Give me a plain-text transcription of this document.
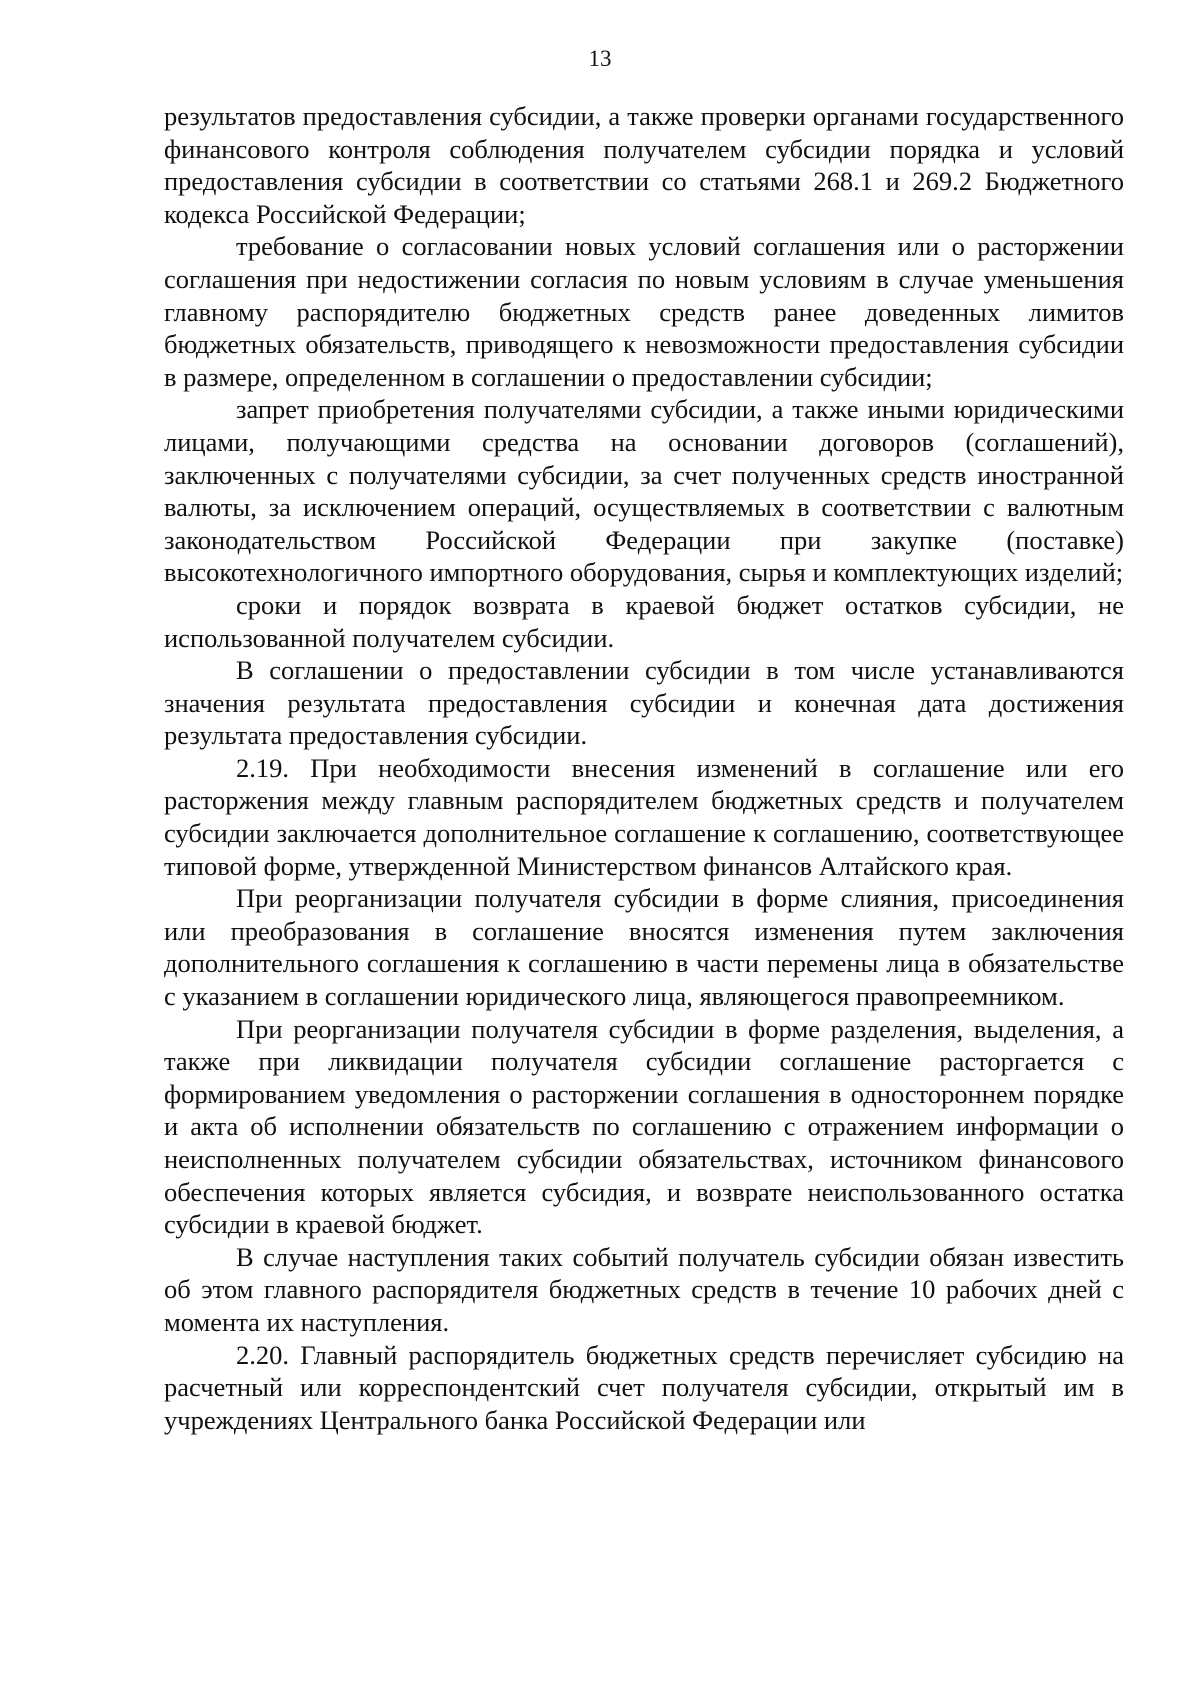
13

результатов предоставления субсидии, а также проверки органами государственного финансового контроля соблюдения получателем субсидии порядка и условий предоставления субсидии в соответствии со статьями 268.1 и 269.2 Бюджетного кодекса Российской Федерации;

требование о согласовании новых условий соглашения или о расторжении соглашения при недостижении согласия по новым условиям в случае уменьшения главному распорядителю бюджетных средств ранее доведенных лимитов бюджетных обязательств, приводящего к невозможности предоставления субсидии в размере, определенном в соглашении о предоставлении субсидии;

запрет приобретения получателями субсидии, а также иными юридическими лицами, получающими средства на основании договоров (соглашений), заключенных с получателями субсидии, за счет полученных средств иностранной валюты, за исключением операций, осуществляемых в соответствии с валютным законодательством Российской Федерации при закупке (поставке) высокотехнологичного импортного оборудования, сырья и комплектующих изделий;

сроки и порядок возврата в краевой бюджет остатков субсидии, не использованной получателем субсидии.

В соглашении о предоставлении субсидии в том числе устанавливаются значения результата предоставления субсидии и конечная дата достижения результата предоставления субсидии.

2.19. При необходимости внесения изменений в соглашение или его расторжения между главным распорядителем бюджетных средств и получателем субсидии заключается дополнительное соглашение к соглашению, соответствующее типовой форме, утвержденной Министерством финансов Алтайского края.

При реорганизации получателя субсидии в форме слияния, присоединения или преобразования в соглашение вносятся изменения путем заключения дополнительного соглашения к соглашению в части перемены лица в обязательстве с указанием в соглашении юридического лица, являющегося правопреемником.

При реорганизации получателя субсидии в форме разделения, выделения, а также при ликвидации получателя субсидии соглашение расторгается с формированием уведомления о расторжении соглашения в одностороннем порядке и акта об исполнении обязательств по соглашению с отражением информации о неисполненных получателем субсидии обязательствах, источником финансового обеспечения которых является субсидия, и возврате неиспользованного остатка субсидии в краевой бюджет.

В случае наступления таких событий получатель субсидии обязан известить об этом главного распорядителя бюджетных средств в течение 10 рабочих дней с момента их наступления.

2.20. Главный распорядитель бюджетных средств перечисляет субсидию на расчетный или корреспондентский счет получателя субсидии, открытый им в учреждениях Центрального банка Российской Федерации или
